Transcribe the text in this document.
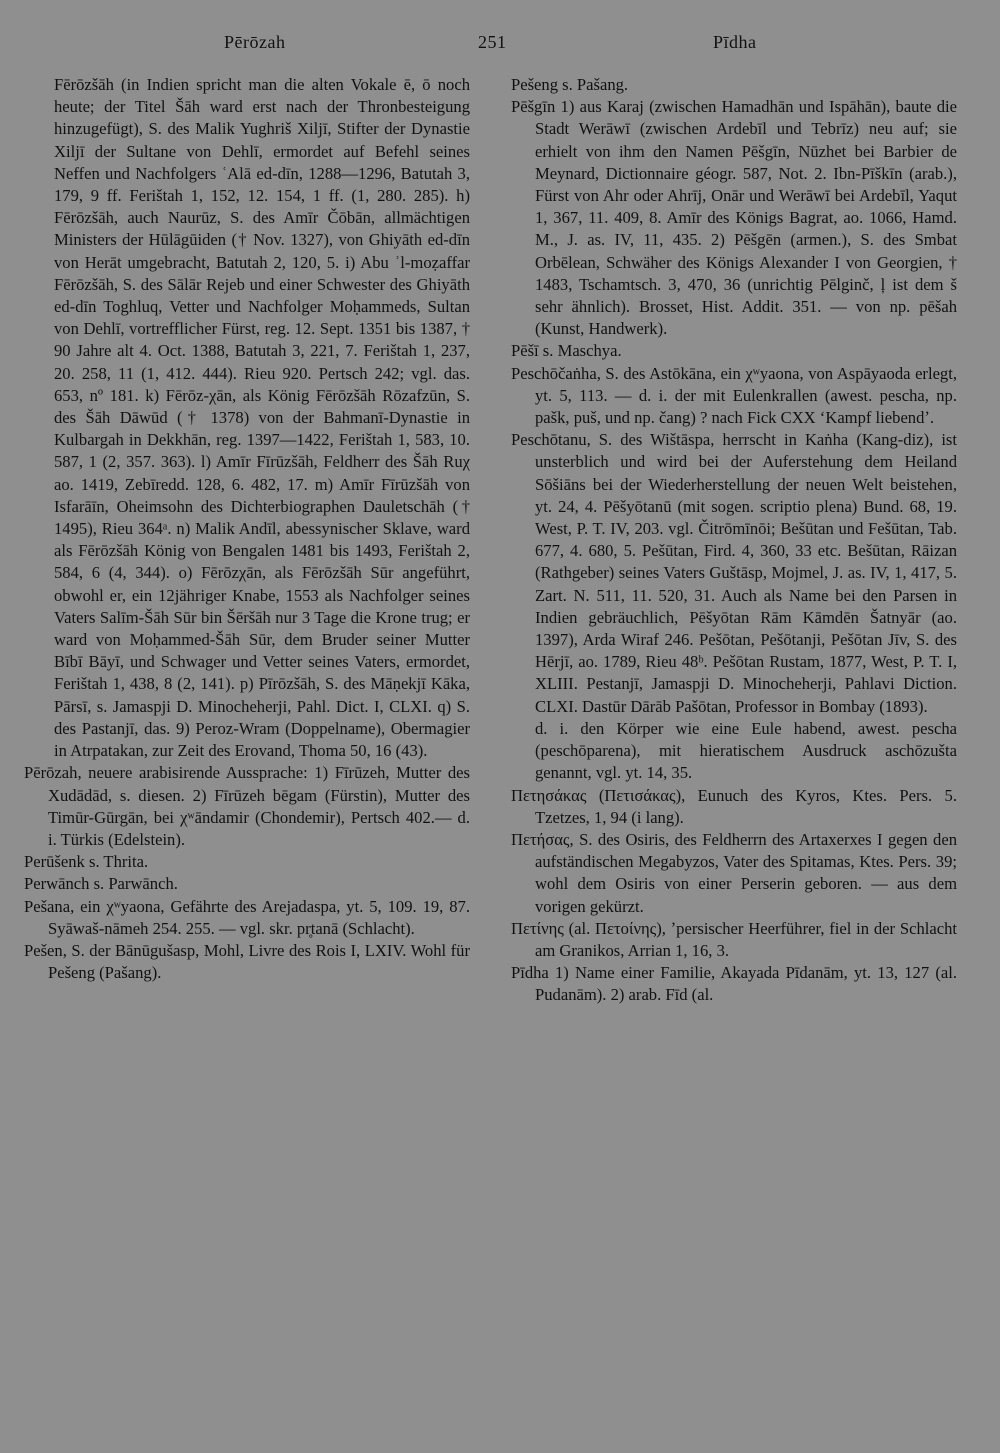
Pērōzah	251	Pīdha

Fērōzšāh (in Indien spricht man die alten Vokale ē, ō noch heute; der Titel Šāh ward erst nach der Thronbesteigung hinzugefügt), S. des Malik Yughriš Xiljī, Stifter der Dynastie Xiljī der Sultane von Dehlī, ermordet auf Befehl seines Neffen und Nachfolgers ʿAlā ed-dīn, 1288—1296, Batutah 3, 179, 9 ff. Ferištah 1, 152, 12. 154, 1 ff. (1, 280. 285). h) Fērōzšāh, auch Naurūz, S. des Amīr Čōbān, allmächtigen Ministers der Hūlāgūiden († Nov. 1327), von Ghiyāth ed-dīn von Herāt umgebracht, Batutah 2, 120, 5. i) Abu ʾl-moẓaffar Fērōzšāh, S. des Sālār Rejeb und einer Schwester des Ghiyāth ed-dīn Toghluq, Vetter und Nachfolger Moḥammeds, Sultan von Dehlī, vortrefflicher Fürst, reg. 12. Sept. 1351 bis 1387, † 90 Jahre alt 4. Oct. 1388, Batutah 3, 221, 7. Ferištah 1, 237, 20. 258, 11 (1, 412. 444). Rieu 920. Pertsch 242; vgl. das. 653, nº 181. k) Fērōz-χān, als König Fērōzšāh Rōzafzūn, S. des Šāh Dāwūd († 1378) von der Bahmanī-Dynastie in Kulbargah in Dekkhān, reg. 1397—1422, Ferištah 1, 583, 10. 587, 1 (2, 357. 363). l) Amīr Fīrūzšāh, Feldherr des Šāh Ruχ ao. 1419, Zebīredd. 128, 6. 482, 17. m) Amīr Fīrūzšāh von Isfarāīn, Oheimsohn des Dichterbiographen Dauletschāh († 1495), Rieu 364ᵃ. n) Malik Andīl, abessynischer Sklave, ward als Fērōzšāh König von Bengalen 1481 bis 1493, Ferištah 2, 584, 6 (4, 344). o) Fērōzχān, als Fērōzšāh Sūr angeführt, obwohl er, ein 12jähriger Knabe, 1553 als Nachfolger seines Vaters Salīm-Šāh Sūr bin Šēršāh nur 3 Tage die Krone trug; er ward von Moḥammed-Šāh Sūr, dem Bruder seiner Mutter Bībī Bāyī, und Schwager und Vetter seines Vaters, ermordet, Ferištah 1, 438, 8 (2, 141). p) Pīrōzšāh, S. des Māṇekjī Kāka, Pārsī, s. Jamaspji D. Minocheherji, Pahl. Dict. I, CLXI. q) S. des Pastanjī, das. 9) Peroz-Wram (Doppelname), Obermagier in Atrpatakan, zur Zeit des Erovand, Thoma 50, 16 (43).

Pērōzah, neuere arabisirende Aussprache: 1) Fīrūzeh, Mutter des Xudādād, s. diesen. 2) Fīrūzeh bēgam (Fürstin), Mutter des Timūr-Gūrgān, bei χʷāndamir (Chondemir), Pertsch 402.— d. i. Türkis (Edelstein).

Perūšenk s. Thrita.

Perwānch s. Parwānch.

Pešana, ein χʷyaona, Gefährte des Arejadaspa, yt. 5, 109. 19, 87. Syāwaš-nāmeh 254. 255. — vgl. skr. pr̥tanā (Schlacht).

Pešen, S. der Bānūgušasp, Mohl, Livre des Rois I, LXIV. Wohl für Pešeng (Pašang).

Pešeng s. Pašang.

Pēšgīn 1) aus Karaj (zwischen Hamadhān und Ispāhān), baute die Stadt Werāwī (zwischen Ardebīl und Tebrīz) neu auf; sie erhielt von ihm den Namen Pēšgīn, Nūzhet bei Barbier de Meynard, Dictionnaire géogr. 587, Not. 2. Ibn-Pīškīn (arab.), Fürst von Ahr oder Ahrīj, Onār und Werāwī bei Ardebīl, Yaqut 1, 367, 11. 409, 8. Amīr des Königs Bagrat, ao. 1066, Hamd. M., J. as. IV, 11, 435. 2) Pēšgēn (armen.), S. des Smbat Orbēlean, Schwäher des Königs Alexander I von Georgien, † 1483, Tschamtsch. 3, 470, 36 (unrichtig Pēlginč, ļ ist dem š sehr ähnlich). Brosset, Hist. Addit. 351. — von np. pēšah (Kunst, Handwerk).

Pēšī s. Maschya.

Peschōčaṅha, S. des Astōkāna, ein χʷyaona, von Aspāyaoda erlegt, yt. 5, 113. — d. i. der mit Eulenkrallen (awest. pescha, np. pašk, puš, und np. čang) ? nach Fick CXX ʻKampf liebendʼ.

Peschōtanu, S. des Wištāspa, herrscht in Kaṅha (Kang-diz), ist unsterblich und wird bei der Auferstehung dem Heiland Sōšiāns bei der Wiederherstellung der neuen Welt beistehen, yt. 24, 4. Pēšyōtanū (mit sogen. scriptio plena) Bund. 68, 19. West, P. T. IV, 203. vgl. Čitrōmīnōi; Bešūtan und Fešūtan, Tab. 677, 4. 680, 5. Pešūtan, Fird. 4, 360, 33 etc. Bešūtan, Rāizan (Rathgeber) seines Vaters Guštāsp, Mojmel, J. as. IV, 1, 417, 5. Zart. N. 511, 11. 520, 31. Auch als Name bei den Parsen in Indien gebräuchlich, Pēšyōtan Rām Kāmdēn Šatnyār (ao. 1397), Arda Wiraf 246. Pešōtan, Pešōtanji, Pešōtan Jīv, S. des Hērjī, ao. 1789, Rieu 48ᵇ. Pešōtan Rustam, 1877, West, P. T. I, XLIII. Pestanjī, Jamaspji D. Minocheherji, Pahlavi Diction. CLXI. Dastūr Dārāb Pašōtan, Professor in Bombay (1893).

d. i. den Körper wie eine Eule habend, awest. pescha (peschōparena), mit hieratischem Ausdruck aschōzušta genannt, vgl. yt. 14, 35.

Πετησάκας (Πετισάκας), Eunuch des Kyros, Ktes. Pers. 5. Tzetzes, 1, 94 (i lang).

Πετήσας, S. des Osiris, des Feldherrn des Artaxerxes I gegen den aufständischen Megabyzos, Vater des Spitamas, Ktes. Pers. 39; wohl dem Osiris von einer Perserin geboren. — aus dem vorigen gekürzt.

Πετίνης (al. Πετοίνης), ʼpersischer Heerführer, fiel in der Schlacht am Granikos, Arrian 1, 16, 3.

Pīdha 1) Name einer Familie, Akayada Pīdanām, yt. 13, 127 (al. Pudanām). 2) arab. Fīd (al.
